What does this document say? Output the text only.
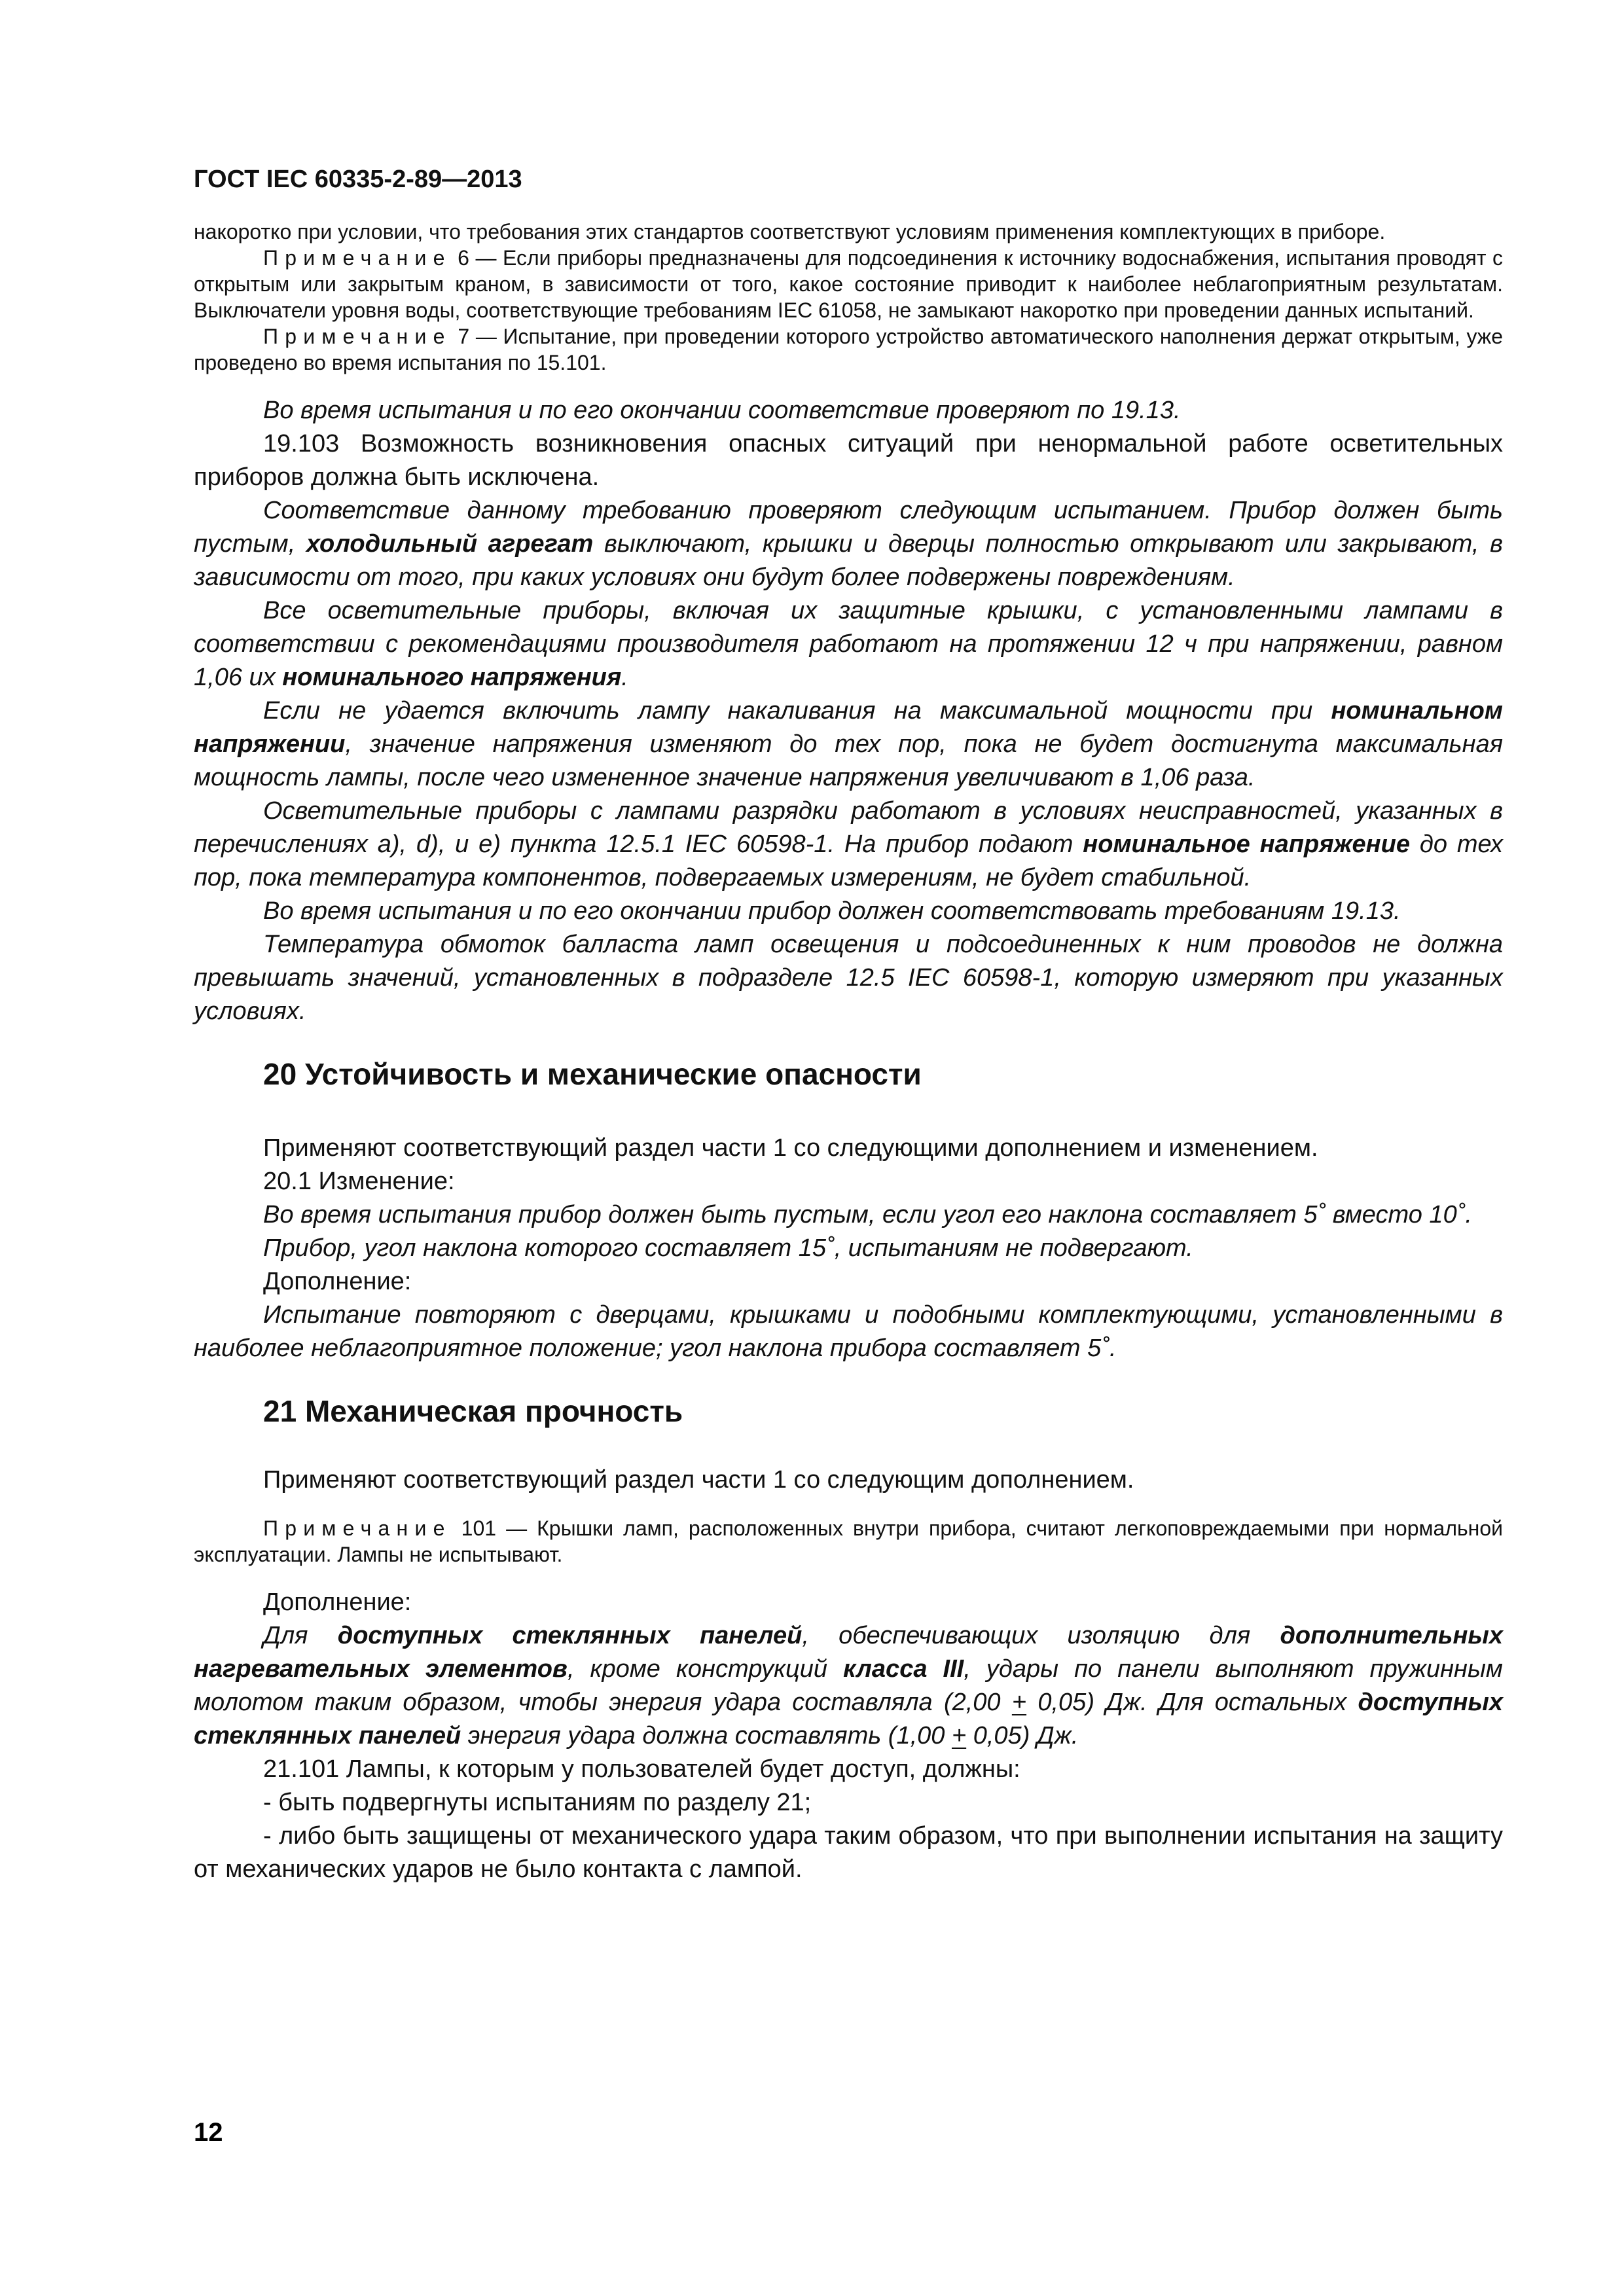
ГОСТ IEC 60335-2-89—2013

накоротко при условии, что требования этих стандартов соответствуют условиям применения комплектующих в приборе.

Примечание 6 — Если приборы предназначены для подсоединения к источнику водоснабжения, испытания проводят с открытым или закрытым краном, в зависимости от того, какое состояние приводит к наиболее неблагоприятным результатам. Выключатели уровня воды, соответствующие требованиям IEC 61058, не замыкают накоротко при проведении данных испытаний.

Примечание 7 — Испытание, при проведении которого устройство автоматического наполнения держат открытым, уже проведено во время испытания по 15.101.

Во время испытания и по его окончании соответствие проверяют по 19.13.

19.103 Возможность возникновения опасных ситуаций при ненормальной работе осветительных приборов должна быть исключена.

Соответствие данному требованию проверяют следующим испытанием. Прибор должен быть пустым, холодильный агрегат выключают, крышки и дверцы полностью открывают или закрывают, в зависимости от того, при каких условиях они будут более подвержены повреждениям.

Все осветительные приборы, включая их защитные крышки, с установленными лампами в соответствии с рекомендациями производителя работают на протяжении 12 ч при напряжении, равном 1,06 их номинального напряжения.

Если не удается включить лампу накаливания на максимальной мощности при номинальном напряжении, значение напряжения изменяют до тех пор, пока не будет достигнута максимальная мощность лампы, после чего измененное значение напряжения увеличивают в 1,06 раза.

Осветительные приборы с лампами разрядки работают в условиях неисправностей, указанных в перечислениях а), d), и е) пункта 12.5.1 IEC 60598-1. На прибор подают номинальное напряжение до тех пор, пока температура компонентов, подвергаемых измерениям, не будет стабильной.

Во время испытания и по его окончании прибор должен соответствовать требованиям 19.13.

Температура обмоток балласта ламп освещения и подсоединенных к ним проводов не должна превышать значений, установленных в подразделе 12.5 IEC 60598-1, которую измеряют при указанных условиях.

20 Устойчивость и механические опасности

Применяют соответствующий раздел части 1 со следующими дополнением и изменением.

20.1 Изменение:

Во время испытания прибор должен быть пустым, если угол его наклона составляет 5˚ вместо 10˚.

Прибор, угол наклона которого составляет 15˚, испытаниям не подвергают.

Дополнение:

Испытание повторяют с дверцами, крышками и подобными комплектующими, установленными в наиболее неблагоприятное положение; угол наклона прибора составляет 5˚.

21 Механическая прочность

Применяют соответствующий раздел части 1 со следующим дополнением.

Примечание 101 — Крышки ламп, расположенных внутри прибора, считают легкоповреждаемыми при нормальной эксплуатации. Лампы не испытывают.

Дополнение:

Для доступных стеклянных панелей, обеспечивающих изоляцию для дополнительных нагревательных элементов, кроме конструкций класса III, удары по панели выполняют пружинным молотом таким образом, чтобы энергия удара составляла (2,00 + 0,05) Дж. Для остальных доступных стеклянных панелей энергия удара должна составлять (1,00 + 0,05) Дж.

21.101 Лампы, к которым у пользователей будет доступ, должны:

- быть подвергнуты испытаниям по разделу 21;

- либо быть защищены от механического удара таким образом, что при выполнении испытания на защиту от механических ударов не было контакта с лампой.

12
